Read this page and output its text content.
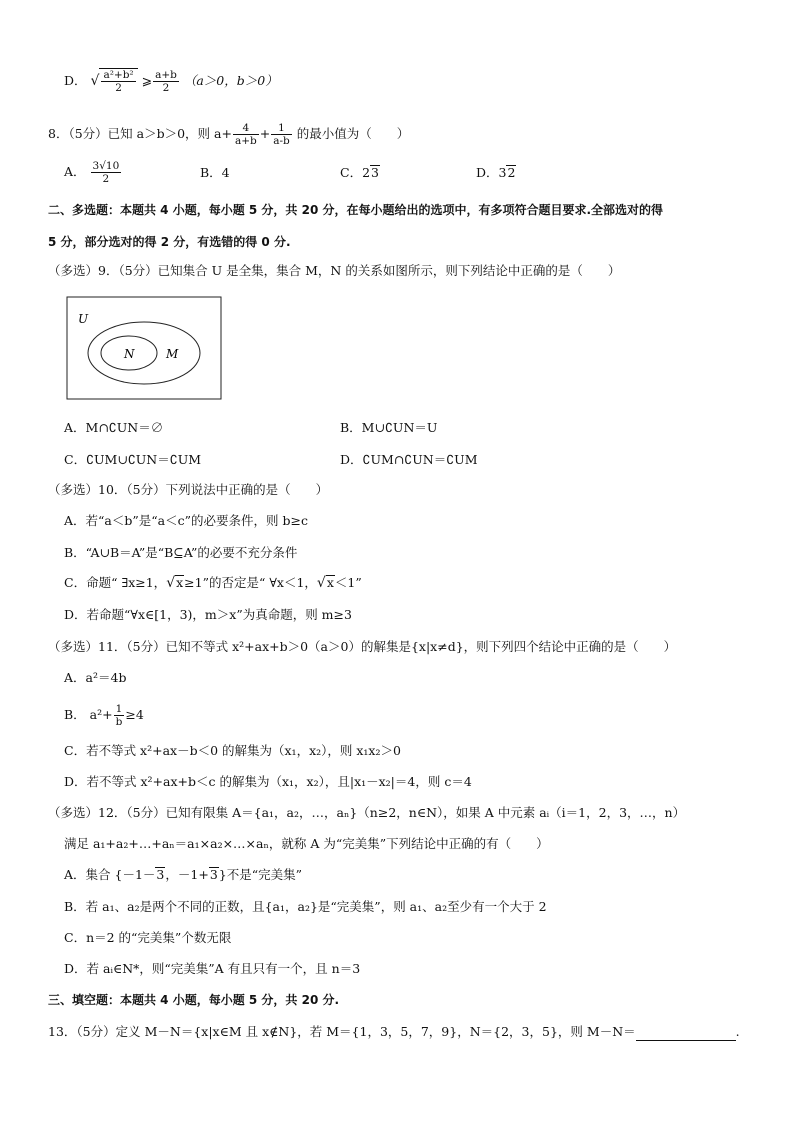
D． √ $\frac{\text{a²+b²}}{2}$ ⩾ $\frac{a+b}{2} (a>0$，b＞0）
8．（5分）已知 a＞b＞0，则 $a+ \frac{4}{a+b} + \frac{1}{a-b}$ 的最小值为（　　）
A． $\frac{3√10}{2}$	B．4	C．23	D．32
二、多选题：本题共 4 小题，每小题 5 分，共 20 分，在每小题给出的选项中，有多项符合题目要求.全部选对的得
5 分，部分选对的得 2 分，有选错的得 0 分.
（多选）9．（5分）已知集合 U 是全集，集合 M，N 的关系如图所示，则下列结论中正确的是（　　）
U
N	M
A．M∩∁UN＝∅	B．M∪∁UN＝U
C．∁UM∪∁UN＝∁UM	D．∁UM∩∁UN＝∁UM
（多选）10．（5分）下列说法中正确的是（　　）
A．若“a＜b”是“a＜c”的必要条件，则 b≥c
B．“A∪B＝A”是“B⊆A”的必要不充分条件
C．命题“ ∃x≥1，√x≥1”的否定是“ ∀x＜1，√x＜1”
D．若命题“∀x∈[1，3)，m＞x”为真命题，则 m≥3
（多选）11．（5分）已知不等式 x²+ax+b＞0（a＞0）的解集是{x|x≠d}，则下列四个结论中正确的是（　　）
A．a²＝4b
B． $a^2+ \frac{1}{b} \ge 4$
C．若不等式 x²+ax－b＜0 的解集为（x₁，x₂），则 x₁x₂＞0
D．若不等式 x²+ax+b＜c 的解集为（x₁，x₂），且|x₁－x₂|＝4，则 c＝4
（多选）12．（5分）已知有限集 A＝{a₁，a₂，…，aₙ}（n≥2，n∈N），如果 A 中元素 aᵢ（i＝1，2，3，…，n）
满足 a₁+a₂+…+aₙ＝a₁×a₂×…×aₙ，就称 A 为“完美集”下列结论中正确的有（　　）
A．集合 {－1－3，－1+3}不是“完美集”
B．若 a₁、a₂是两个不同的正数，且{a₁，a₂}是“完美集”，则 a₁、a₂至少有一个大于 2
C．n＝2 的“完美集”个数无限
D．若 aᵢ∈N*，则“完美集”A 有且只有一个，且 n＝3
三、填空题：本题共 4 小题，每小题 5 分，共 20 分.
13．（5分）定义 M－N＝{x|x∈M 且 x∉N}，若 M＝{1，3，5，7，9}，N＝{2，3，5}，则 M－N＝	.
